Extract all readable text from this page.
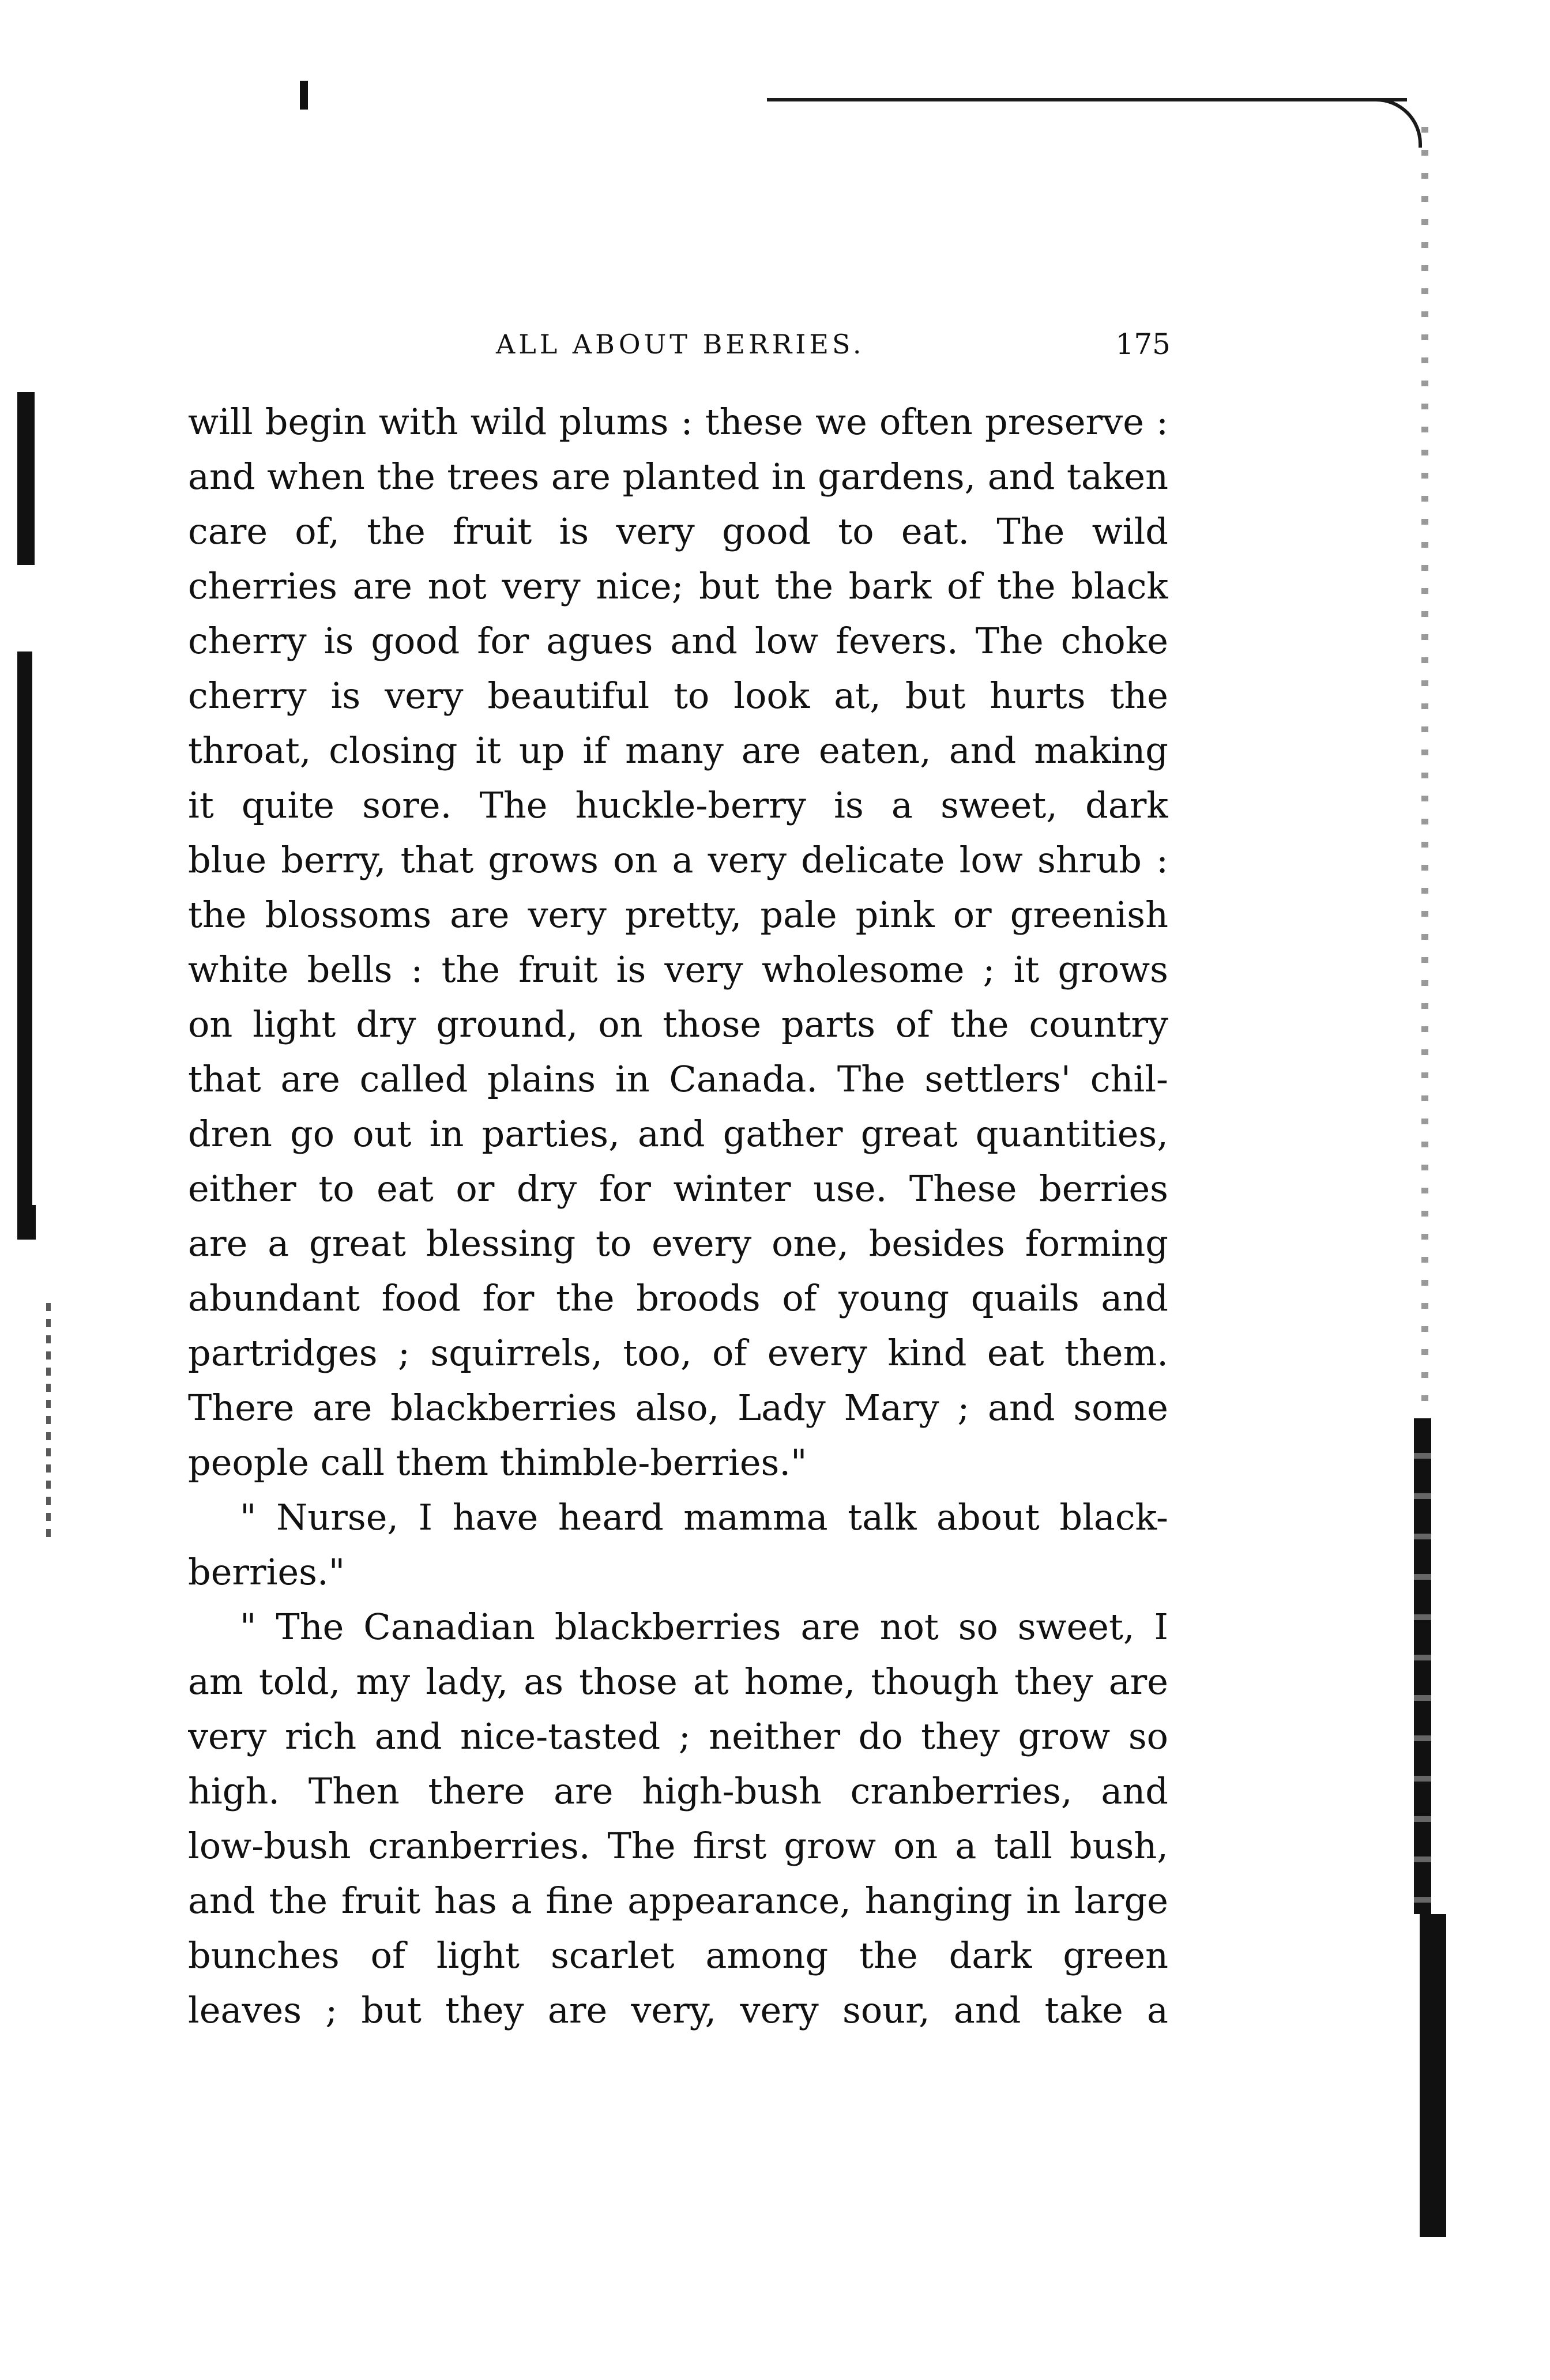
ALL ABOUT BERRIES.	175
will begin with wild plums : these we often preserve :
and when the trees are planted in gardens, and taken
care of, the fruit is very good to eat. The wild
cherries are not very nice; but the bark of the black
cherry is good for agues and low fevers. The choke
cherry is very beautiful to look at, but hurts the
throat, closing it up if many are eaten, and making
it quite sore. The huckle-berry is a sweet, dark
blue berry, that grows on a very delicate low shrub :
the blossoms are very pretty, pale pink or greenish
white bells : the fruit is very wholesome ; it grows
on light dry ground, on those parts of the country
that are called plains in Canada. The settlers' chil-
dren go out in parties, and gather great quantities,
either to eat or dry for winter use. These berries
are a great blessing to every one, besides forming
abundant food for the broods of young quails and
partridges ; squirrels, too, of every kind eat them.
There are blackberries also, Lady Mary ; and some
people call them thimble-berries."
" Nurse, I have heard mamma talk about black-
berries."
" The Canadian blackberries are not so sweet, I
am told, my lady, as those at home, though they are
very rich and nice-tasted ; neither do they grow so
high. Then there are high-bush cranberries, and
low-bush cranberries. The first grow on a tall bush,
and the fruit has a fine appearance, hanging in large
bunches of light scarlet among the dark green
leaves ; but they are very, very sour, and take a
